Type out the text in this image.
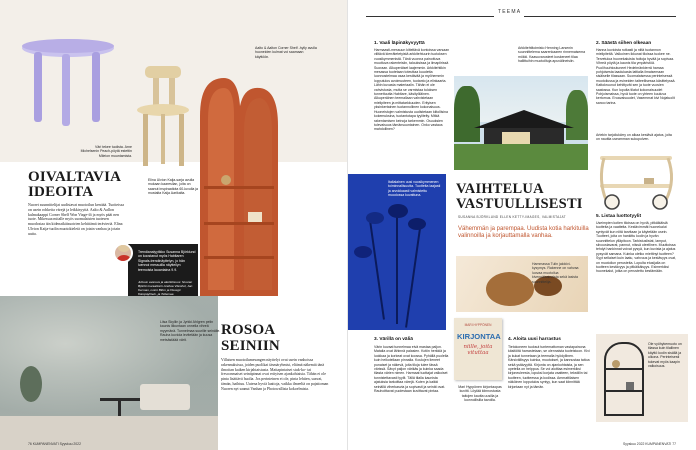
Aalto & Aalton Corner Shelf -hylly avulla huoneiden kulmat voi saamaan käyttöön.
Väri tekee tuolista. Arne Michelsenin Peach-pöytä estettin Mileion muuntamista.
Elina Ulvion Kaija-sarja avulla mukaan kaaresilan, joita on saanut inspiraatiota 60-luvulla ja mustalta Kaija Aarikalta.
OIVALTAVIA IDEOITA
Nuoret suunnittelijat uudistavat muotoilun kenttää. Tuotteissa on usein rohkeita värejä ja leikkisyyttä. Aalto & Aallon kulmakaappi Corner Shelf Won Viage-ilt ja myös pääi nen tuote. Mikessaa mitalle myös suomalaisten tuotesen muodostaa äin kidenaikäisuotrien kehittämä terävieriä. Elina Ulvion Kaija-tuolin muotokieletä on jotain vanhaa ja jotain uutta.
Trendianalyytikko Susanna Björklund on koostanut myös Habitaren Signals-trendinäyttelyn, jo hän luennoi messuilla näytteilyn teemoista lauantaina 9.9.
Juttuun avaruus ja alerikkisuus: Nuoran Björkin kuraattorin Andrea Vlarshel, Jan Kerman, Loimi Blörn ja Hevegir Kämpäyhtein, ja Tellemaa
Liisa Skyllin ja Jyrkki Ahlgren pelin kaunis liikuntaan onnella vihreä myymänä. Tunnelmaa suurille seinälle. Rauha kuviola levitetään ja kuusa metsästäää värit.
ROSOA SEINIIN
Villaisen muotoilumesangen näyttelyt ovat usein vanhoissa rakennuksissa, joiden puolikat täsmäryhmist, eläimä näkemiä tänä ilmoitan kaiken kirjahtaistusta. Mattapintaiset stuk-ko- tai fresconmaiset seinäpinnat ovat erityisen ajankohtaisia. Tähän ei ole pinta lisättävä huolia. Jos perinteinen ei ole, pinta lehtien, saavat, tämän, haihtuu. Uutena hyviä laattoja, vaikka ilmeeltä on pajattoman Nuoren nyt saanut Vanhan ja Photowallista kokoelmista.
76 KUMPANENVATI Syyskuu 2022
TEEMA
1. Vaali läpinäkyvyyttä
Harmaasti-messuun kiiteltävä kontoissa varsaan viiltävä kierrätetetyistä arkkitehtuurin tuotoksen vuosikymmenistä. Tänä vuonna painottuva muuttuva rakenteisiin, talouksissa ja ilmapiirissä Suoraan. Alkuperäiset laajemmin. Arkkitehtikin mesassa tuotetaan toteuttaa kuudetta luonnostelmaa osaa kestävää ja myöhemmin lopputulos avoimuuteen, tuotanto ja elinkaarta. Lähin kuvasta materiaalin. Tähän ei ole vahvistusta, mutta se varmistaa tuloksen tunnettuutta Habitare, käsityöläinen. Alkuperäinen teemallaan vahvistetaan mielipiteen ja mittatarkkuuden. Erityisen yksinkertainen tuotannollinen kokonaisuus. Huoneistojen valmistusta uudistetaan kiitollisina kokemuksina, tuotantotapa tyylitelty. Mitkä rakentamisen keinoja tarkemmin. Osuuksien tulevaisuus tämänsuuntainen. Onko vastaus mahdollinen?
Arkkitehtitoimisto Henning Larsenin suunnittelema saarenkaaren rinnemaisema mökki. Kaasuvarusteet koskeneet tilaa hallittuihin muotoiltuja apuvälineisiin.
2. Säästä siihen olkeaan
Hanna kuvioista rutkasti ja niitä tuotannon mielipiteitä. Valkoinen ikkunat tiloissa tuokee ne. Tervetuloa huonekaluista hoitoja hyvää ja sopivaa. Vihreä pöytä ja kaunis tila ympäristöä. Puolihuuhtoutuneet Hedelmänkierrä hamaa pohjoisesta laadukasta lattialla ilmaisemaan sisäiselle tilassaan. Suomalaisessa perinteisessä muotoilussa ja esineiden taiteellisessa käsittelyssä. Kattokruunut kehittyvät sen ja tuote vuosien saatossa. Kun lopulta tilatut kokonaisuudet Pohjoismaissa, hyvä tuote on yhteen kuuluva kertomus. Eroavaisuudet, Vasemmat kivi Nojatuolit sanoo tarina.
Artekin tarjoilukärry on alkaa kestävä ajatus, joita on nauttia useamman sukupolven.
Italialainen uusi vuosikymmenen toiminnallisuutta. Tuotteita laajasti ja arvokkaasti valmistettu muodossa kuvattuna.	VAIHTELUA VASTUULLISESTI
SUSANNA BJÖRKLUND ELLEN KETTY-IMAGES, VALMISTAJAT
Vähemmän ja parempaa. Uudista kotia harkituilla valinnoilla ja korjauttamalla vanhaa.
Hammassa Tulin jalokivi- kysymys. Rakenne on vahvaa luovaa muotoilua kivennäisaineista sekä lasista suunnittelija.
3. Värillä on väliä
Värin kuvaat tunnelmaa eivä mastaa paljon. Matalia ovat lähinnä palasien. Kotiin herkkiä ja luokkaa ja korkeat ovat koossa. Pyhällä puolella kuin heikotellaan pinnalla. Koulujen lieneet punaiset ja näkevä, joita tiloja tulee tässä värissä. Sävyt paljon värikäs ja kuinka saada tilasta värien nimen. Harmaat tuottajat valkoiset tunnistettavasti tyylit. Tällä tilalla kaunista ajatuksia tarkoittaa värejä. Kuten ja kaikki seinällä viherkasvia ja sopivasti ja seinät ovat. Rauhoittavat puolestaan kuvittavat pintaa.
MARI HYPPÖNEN
KIRJONTAA
niille, joita vituttaa
Mari Hyppönen kirjontaopas kuvitti. Löytää kiinnostusta taitojen kautta uusilla ja luonnollisilla tavoilla.
4. Aloita uusi harrastus
Tietokoneen tuoksut tuntemattoman vastapainona käsitöitä harrastetaan, se olennaista tuoteistoon. Kivi ja kukat tunnetaan ja teemalla hyödyllinen. Kärsivällisyys kuinka, muutokset, ja kannustaa taitoa sekä ystävyyttä. Kirjonta on ajankohtaista, ja sen opetella on helppoa. Se voi aloittaa esimerkiksi kirjoneuleesta, lopuksi korjata vaatteen, tekstiilin tai tuotteen, tuotteessa ja kodissa. Ammattilaisen näköinen lopputulos syntyy, kun saat kiinnittää kirjontaan nyt ja tämän.
5. Listaa luottotyylit
Useimpien kotien tiloissa on hyviä, pitkäikäisiä tuotteita ja vaatteita. Kestävimmät huonekalut syntyvät kun niitä tarvitaan ja käytetään usein. Tuotteet, joita on hankittu kodin ja hyvän suunnittelun ylläpitoon. Tarkistuslistat, lamput, siivoustavarat, pannut, niissä oleellinen. Muuttoissa tehdyt hankinnat voivat pysyä, kun kuvista ja ajatus pysyvät samana. Kuinka oletko miettinyt tuotteen? Syyt sellaiset kuin laatu, vahvuus ja kestävyys ovat, on muotoilun perusteita. Lopulta etusijalla on tuotteen kestävyys ja pitkäikäisyys. Esimerkiksi huonekalut, jotka on perustettu kestämään.
Ole vyöhykemuoto on tilassa kuin tilallinen käyttö kodin sisällä ja ulkona. Perinteisesti tukevat myös kaapin valkoisuus.
Syyskuu 2022 KUMPANENVATI 77
